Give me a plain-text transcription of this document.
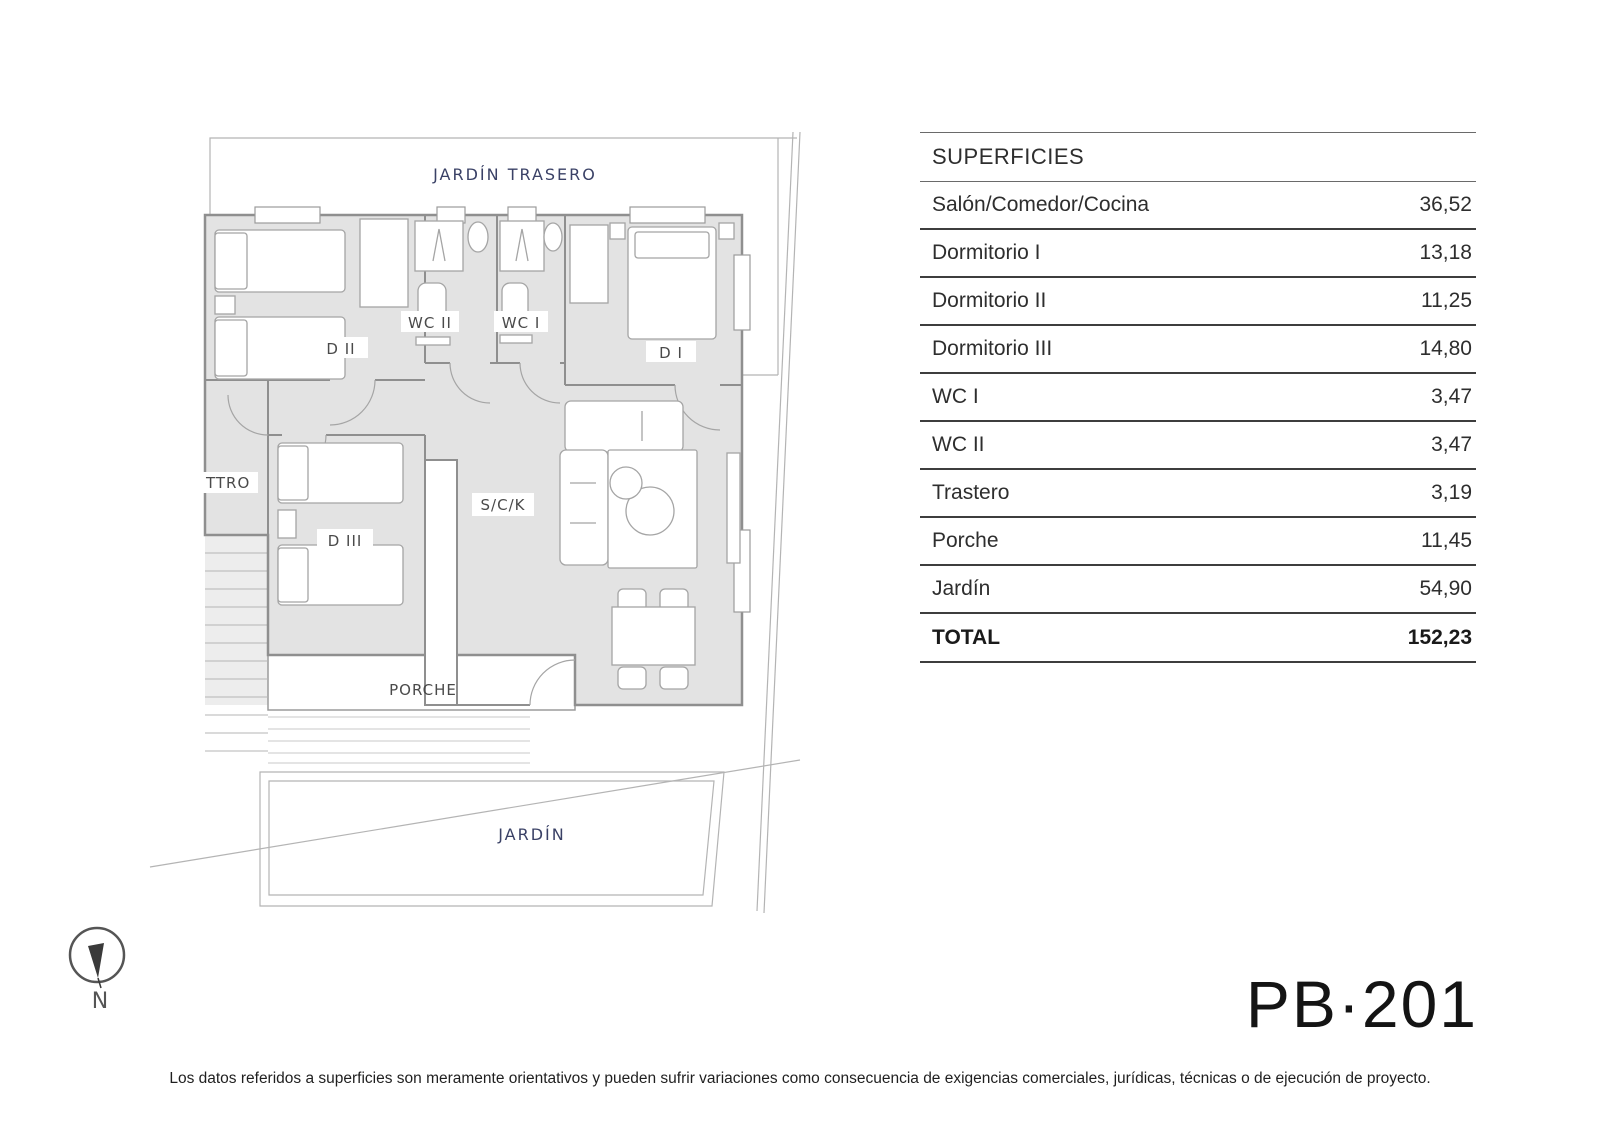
JARDÍN TRASERO
D II
WC II	WC I
D I
TTRO
D III
S/C/K
PORCHE
JARDÍN
N
SUPERFICIES
Salón/Comedor/Cocina	36,52
Dormitorio I	13,18
Dormitorio II	11,25
Dormitorio III	14,80
WC I	3,47
WC II	3,47
Trastero	3,19
Porche	11,45
Jardín	54,90
TOTAL	152,23
PB·201
Los datos referidos a superficies son meramente orientativos y pueden sufrir variaciones como consecuencia de exigencias comerciales, jurídicas, técnicas o de ejecución de proyecto.
